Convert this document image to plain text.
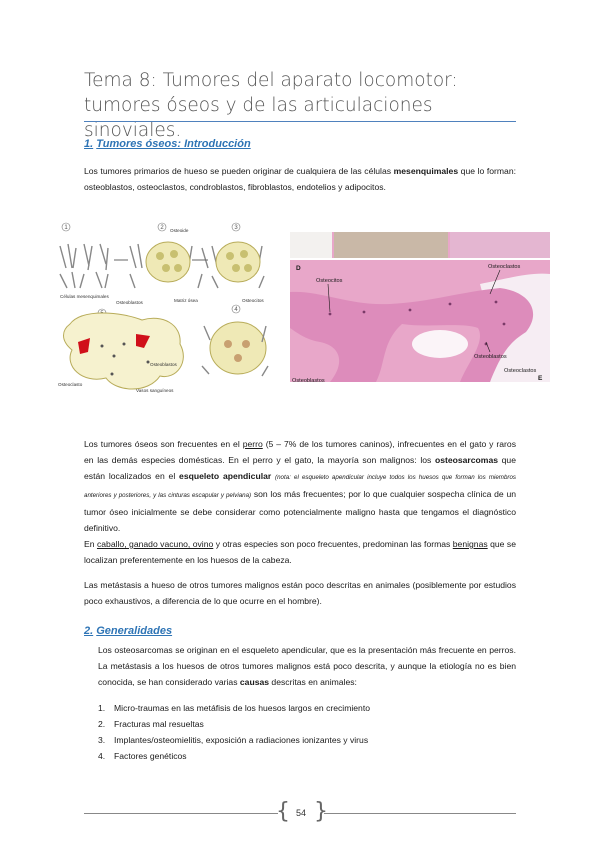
Tema 8: Tumores del aparato locomotor: tumores óseos y de las articulaciones sinoviales.

1. Tumores óseos: Introducción

Los tumores primarios de hueso se pueden originar de cualquiera de las células mesenquimales que lo forman: osteoblastos, osteoclastos, condroblastos, fibroblastos, endotelios y adipocitos.

1	2	3
4
Osteoide
Células mesenquimales
Osteoblastos	Matriz ósea	Osteocitos
Osteoclasto
Osteoblastos
Vasos sanguíneos
D
E
Osteocitos
Osteoclastos
Osteoblastos
Osteoclastos
Osteoblastos

Los tumores óseos son frecuentes en el perro (5 – 7% de los tumores caninos), infrecuentes en el gato y raros en las demás especies domésticas. En el perro y el gato, la mayoría son malignos: los osteosarcomas que están localizados en el esqueleto apendicular (nota: el esqueleto apendicular incluye todos los huesos que forman los miembros anteriores y posteriores, y las cinturas escapular y pelviana) son los más frecuentes; por lo que cualquier sospecha clínica de un tumor óseo inicialmente se debe considerar como potencialmente maligno hasta que tengamos el diagnóstico definitivo.

En caballo, ganado vacuno, ovino y otras especies son poco frecuentes, predominan las formas benignas que se localizan preferentemente en los huesos de la cabeza.

Las metástasis a hueso de otros tumores malignos están poco descritas en animales (posiblemente por estudios poco exhaustivos, a diferencia de lo que ocurre en el hombre).

2. Generalidades

Los osteosarcomas se originan en el esqueleto apendicular, que es la presentación más frecuente en perros. La metástasis a los huesos de otros tumores malignos está poco descrita, y aunque la etiología no es bien conocida, se han considerado varias causas descritas en animales:

1.	Micro-traumas en las metáfisis de los huesos largos en crecimiento
2.	Fracturas mal resueltas
3.	Implantes/osteomielitis, exposición a radiaciones ionizantes y virus
4.	Factores genéticos
{ }
54
